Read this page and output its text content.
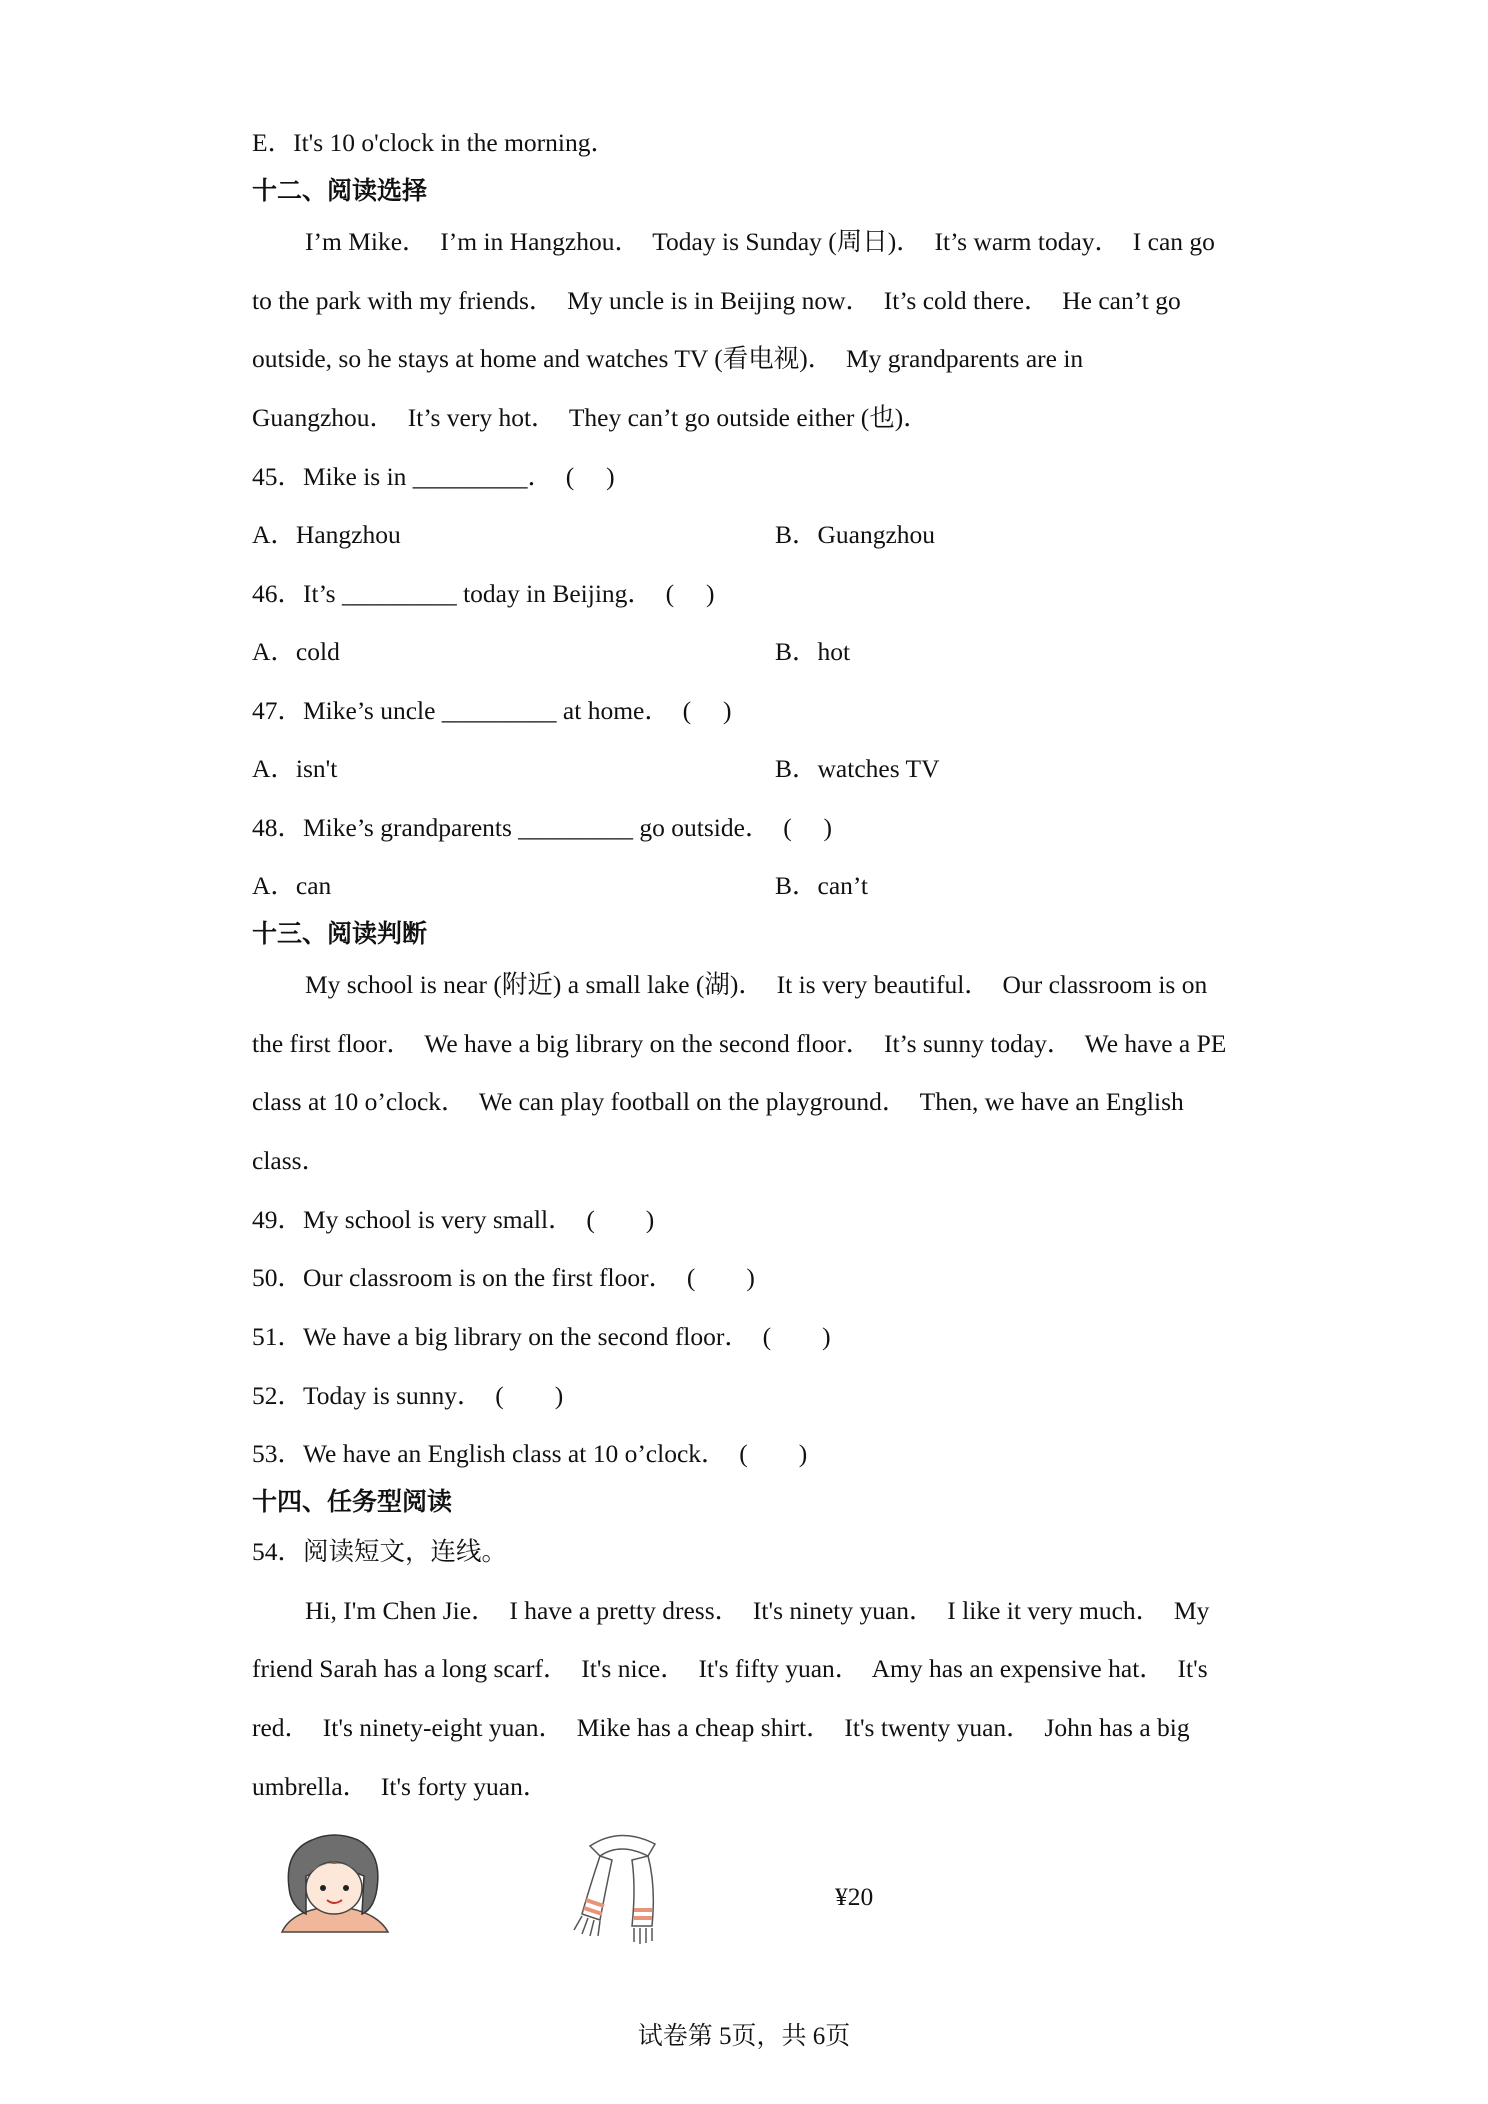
E．It's 10 o'clock in the morning．
十二、阅读选择
I’m Mike．  I’m in Hangzhou．  Today is Sunday (周日)．  It’s warm today．  I can go
to the park with my friends．  My uncle is in Beijing now．  It’s cold there．  He can’t go
outside, so he stays at home and watches TV (看电视)．  My grandparents are in
Guangzhou．  It’s very hot．  They can’t go outside either (也)．
45．Mike is in _________．  (     )
A．Hangzhou	B．Guangzhou
46．It’s _________ today in Beijing．  (     )
A．cold	B．hot
47．Mike’s uncle _________ at home．  (     )
A．isn't	B．watches TV
48．Mike’s grandparents _________ go outside．  (     )
A．can	B．can’t
十三、阅读判断
My school is near (附近) a small lake (湖)．  It is very beautiful．  Our classroom is on
the first floor．  We have a big library on the second floor．  It’s sunny today．  We have a PE
class at 10 o’clock．  We can play football on the playground．  Then, we have an English
class．
49．My school is very small．  (        )
50．Our classroom is on the first floor．  (        )
51．We have a big library on the second floor．  (        )
52．Today is sunny．  (        )
53．We have an English class at 10 o’clock．  (        )
十四、任务型阅读
54．阅读短文，连线。
Hi, I'm Chen Jie．  I have a pretty dress．  It's ninety yuan．  I like it very much．  My
friend Sarah has a long scarf．  It's nice．  It's fifty yuan．  Amy has an expensive hat．  It's
red．  It's ninety-eight yuan．  Mike has a cheap shirt．  It's twenty yuan．  John has a big
umbrella．  It's forty yuan．
¥20
试卷第 5页，共 6页
